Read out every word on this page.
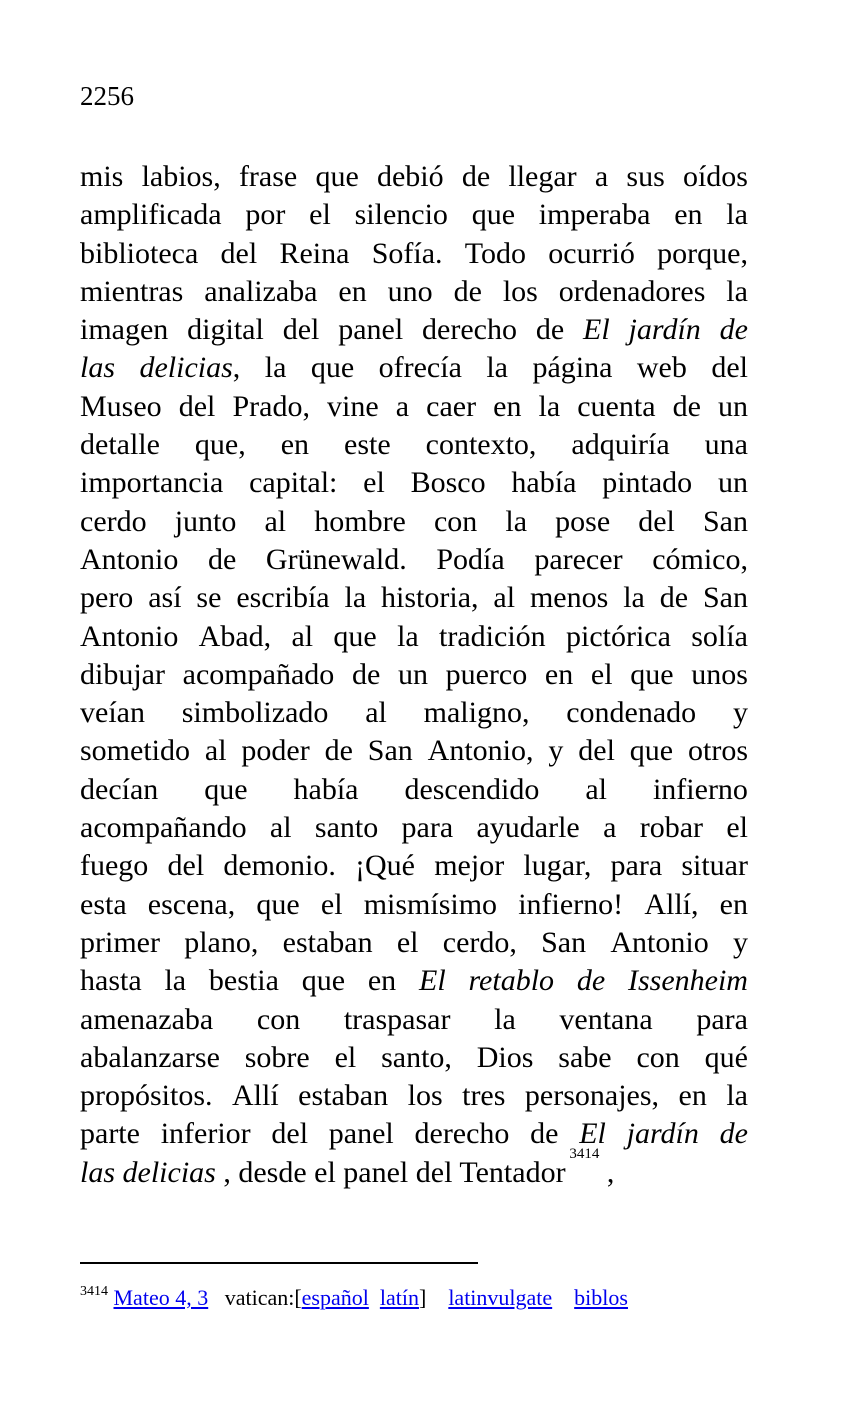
2256
mis labios, frase que debió de llegar a sus oídos
amplificada por el silencio que imperaba en la
biblioteca del Reina Sofía. Todo ocurrió porque,
mientras analizaba en uno de los ordenadores la
imagen digital del panel derecho de El jardín de
las delicias, la que ofrecía la página web del
Museo del Prado, vine a caer en la cuenta de un
detalle que, en este contexto, adquiría una
importancia capital: el Bosco había pintado un
cerdo junto al hombre con la pose del San
Antonio de Grünewald. Podía parecer cómico,
pero así se escribía la historia, al menos la de San
Antonio Abad, al que la tradición pictórica solía
dibujar acompañado de un puerco en el que unos
veían simbolizado al maligno, condenado y
sometido al poder de San Antonio, y del que otros
decían que había descendido al infierno
acompañando al santo para ayudarle a robar el
fuego del demonio. ¡Qué mejor lugar, para situar
esta escena, que el mismísimo infierno! Allí, en
primer plano, estaban el cerdo, San Antonio y
hasta la bestia que en El retablo de Issenheim
amenazaba con traspasar la ventana para
abalanzarse sobre el santo, Dios sabe con qué
propósitos. Allí estaban los tres personajes, en la
parte inferior del panel derecho de El jardín de
las delicias , desde el panel del Tentador
3414
,
$^{3414}$ Mateo 4, 3 vatican:[español latín] latinvulgate biblos
